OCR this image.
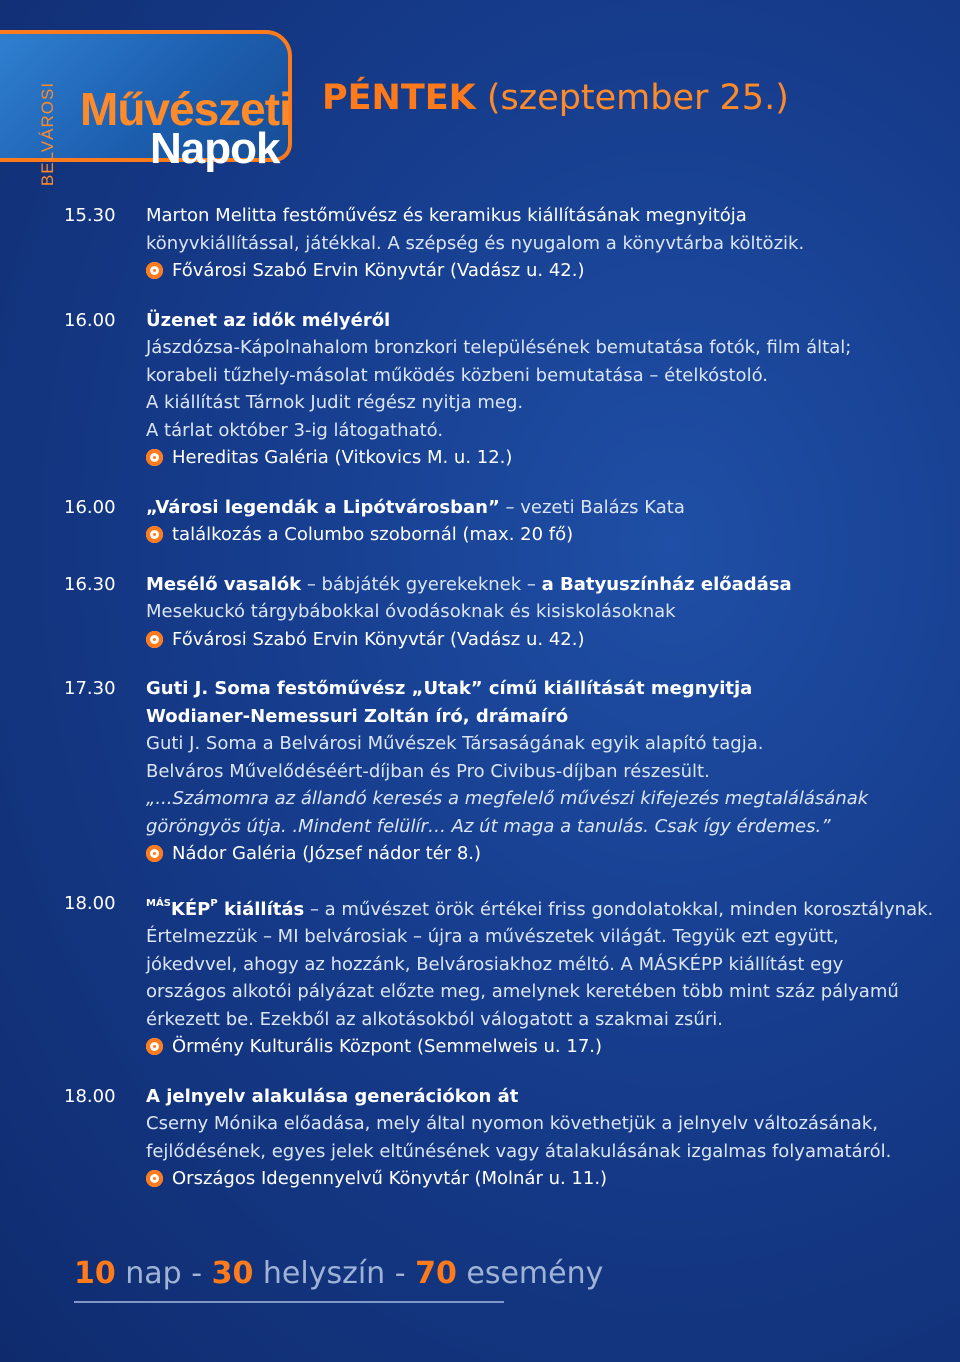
BELVÁROSI Művészeti
Napok
PÉNTEK (szeptember 25.)
15.30	Marton Melitta festőművész és keramikus kiállításának megnyitója
könyvkiállítással, játékkal. A szépség és nyugalom a könyvtárba költözik.
Fővárosi Szabó Ervin Könyvtár (Vadász u. 42.)
16.00	Üzenet az idők mélyéről
Jászdózsa-Kápolnahalom bronzkori településének bemutatása fotók, film által;
korabeli tűzhely-másolat működés közbeni bemutatása – ételkóstoló.
A kiállítást Tárnok Judit régész nyitja meg.
A tárlat október 3-ig látogatható.
Hereditas Galéria (Vitkovics M. u. 12.)
16.00	„Városi legendák a Lipótvárosban” – vezeti Balázs Kata
találkozás a Columbo szobornál (max. 20 fő)
16.30	Mesélő vasalók – bábjáték gyerekeknek – a Batyuszínház előadása
Mesekuckó tárgybábokkal óvodásoknak és kisiskolásoknak
Fővárosi Szabó Ervin Könyvtár (Vadász u. 42.)
17.30	Guti J. Soma festőművész „Utak” című kiállítását megnyitja
Wodianer-Nemessuri Zoltán író, drámaíró
Guti J. Soma a Belvárosi Művészek Társaságának egyik alapító tagja.
Belváros Művelődéséért-díjban és Pro Civibus-díjban részesült.
„...Számomra az állandó keresés a megfelelő művészi kifejezés megtalálásának
göröngyös útja. .Mindent felülír… Az út maga a tanulás. Csak így érdemes.”
Nádor Galéria (József nádor tér 8.)
18.00	$^{MÁS}KÉP^P$ kiállítás – a művészet örök értékei friss gondolatokkal, minden korosztálynak.
Értelmezzük – MI belvárosiak – újra a művészetek világát. Tegyük ezt együtt,
jókedvvel, ahogy az hozzánk, Belvárosiakhoz méltó. A MÁSKÉPP kiállítást egy
országos alkotói pályázat előzte meg, amelynek keretében több mint száz pályamű
érkezett be. Ezekből az alkotásokból válogatott a szakmai zsűri.
Örmény Kulturális Központ (Semmelweis u. 17.)
18.00	A jelnyelv alakulása generációkon át
Cserny Mónika előadása, mely által nyomon követhetjük a jelnyelv változásának,
fejlődésének, egyes jelek eltűnésének vagy átalakulásának izgalmas folyamatáról.
Országos Idegennyelvű Könyvtár (Molnár u. 11.)
10 nap - 30 helyszín - 70 esemény
